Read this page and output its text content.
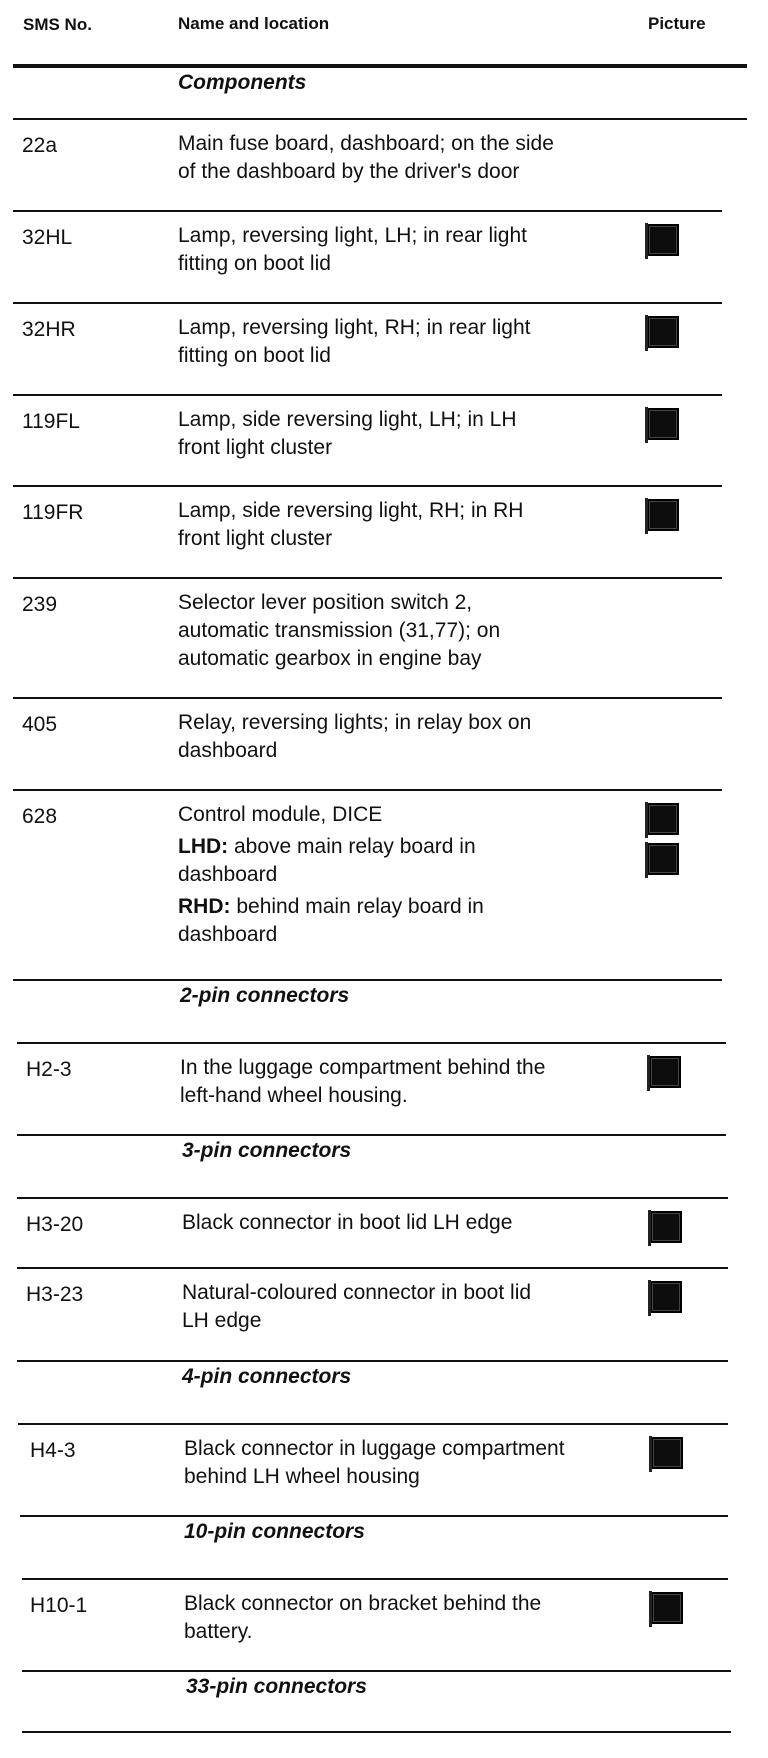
SMS No.	Name and location	Picture
Components
22a	Main fuse board, dashboard; on the side
of the dashboard by the driver's door
32HL	Lamp, reversing light, LH; in rear light
fitting on boot lid
32HR	Lamp, reversing light, RH; in rear light
fitting on boot lid
119FL	Lamp, side reversing light, LH; in LH
front light cluster
119FR	Lamp, side reversing light, RH; in RH
front light cluster
239	Selector lever position switch 2,
automatic transmission (31,77); on
automatic gearbox in engine bay
405	Relay, reversing lights; in relay box on
dashboard
628	Control module, DICE

LHD: above main relay board in
dashboard

RHD: behind main relay board in
dashboard

2-pin connectors
H2-3	In the luggage compartment behind the
left-hand wheel housing.
3-pin connectors
H3-20	Black connector in boot lid LH edge
H3-23	Natural-coloured connector in boot lid
LH edge
4-pin connectors
H4-3	Black connector in luggage compartment
behind LH wheel housing
10-pin connectors
H10-1	Black connector on bracket behind the
battery.
33-pin connectors
